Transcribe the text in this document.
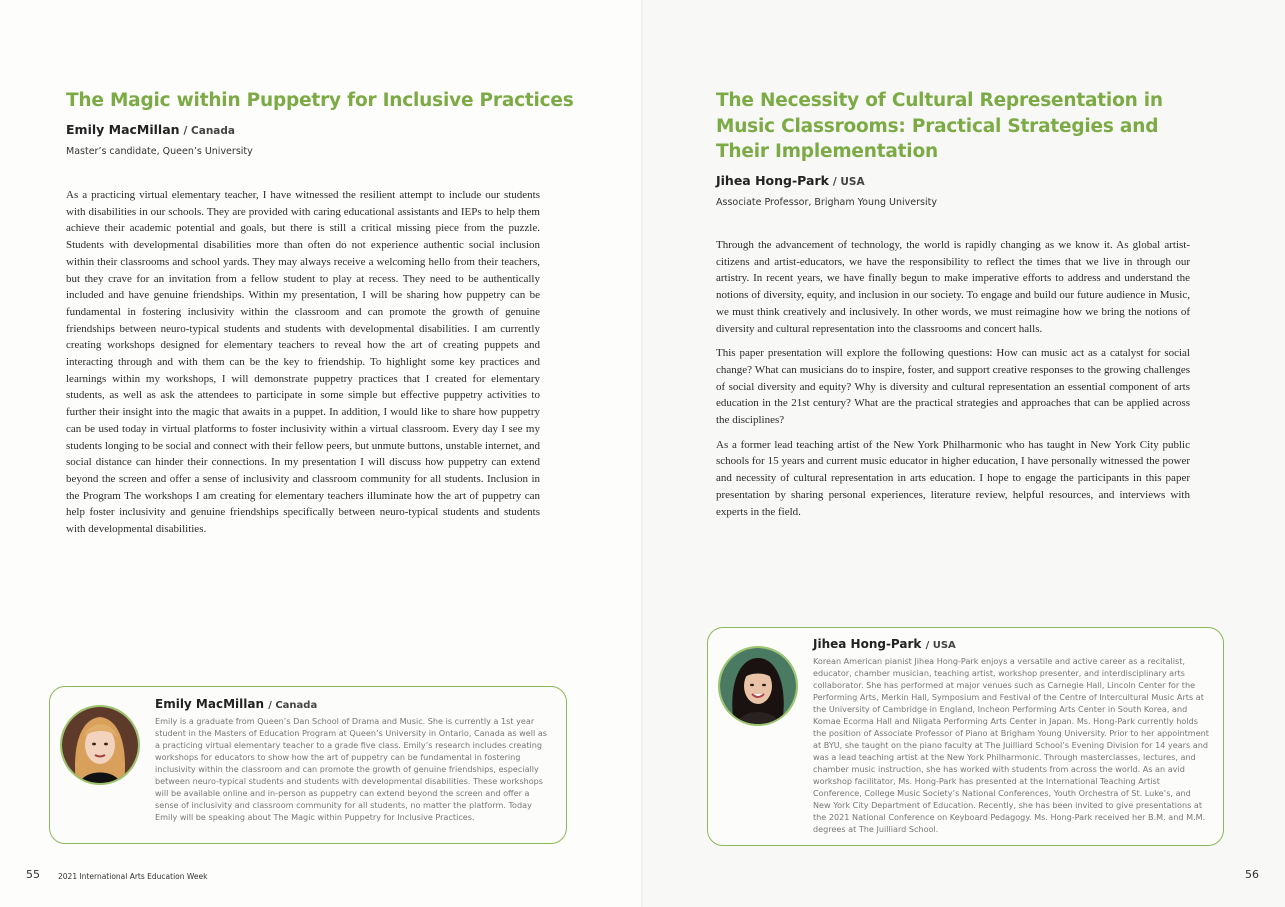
The Magic within Puppetry for Inclusive Practices
Emily MacMillan / Canada
Master’s candidate, Queen’s University

As a practicing virtual elementary teacher, I have witnessed the resilient attempt to include our students with disabilities in our schools. They are provided with caring educational assistants and IEPs to help them achieve their academic potential and goals, but there is still a critical missing piece from the puzzle. Students with developmental disabilities more than often do not experience authentic social inclusion within their classrooms and school yards. They may always receive a welcoming hello from their teachers, but they crave for an invitation from a fellow student to play at recess. They need to be authentically included and have genuine friendships. Within my presentation, I will be sharing how puppetry can be fundamental in fostering inclusivity within the classroom and can promote the growth of genuine friendships between neuro-typical students and students with developmental disabilities. I am currently creating workshops designed for elementary teachers to reveal how the art of creating puppets and interacting through and with them can be the key to friendship. To highlight some key practices and learnings within my workshops, I will demonstrate puppetry practices that I created for elementary students, as well as ask the attendees to participate in some simple but effective puppetry activities to further their insight into the magic that awaits in a puppet. In addition, I would like to share how puppetry can be used today in virtual platforms to foster inclusivity within a virtual classroom. Every day I see my students longing to be social and connect with their fellow peers, but unmute buttons, unstable internet, and social distance can hinder their connections. In my presentation I will discuss how puppetry can extend beyond the screen and offer a sense of inclusivity and classroom community for all students. Inclusion in the Program The workshops I am creating for elementary teachers illuminate how the art of puppetry can help foster inclusivity and genuine friendships specifically between neuro-typical students and students with developmental disabilities.

Emily MacMillan / Canada
Emily is a graduate from Queen’s Dan School of Drama and Music. She is currently a 1st year student in the Masters of Education Program at Queen’s University in Ontario, Canada as well as a practicing virtual elementary teacher to a grade five class. Emily’s research includes creating workshops for educators to show how the art of puppetry can be fundamental in fostering inclusivity within the classroom and can promote the growth of genuine friendships, especially between neuro-typical students and students with developmental disabilities. These workshops will be available online and in-person as puppetry can extend beyond the screen and offer a sense of inclusivity and classroom community for all students, no matter the platform. Today Emily will be speaking about The Magic within Puppetry for Inclusive Practices.
55 2021 International Arts Education Week
The Necessity of Cultural Representation in Music Classrooms: Practical Strategies and Their Implementation
Jihea Hong-Park / USA
Associate Professor, Brigham Young University

Through the advancement of technology, the world is rapidly changing as we know it. As global artist-citizens and artist-educators, we have the responsibility to reflect the times that we live in through our artistry. In recent years, we have finally begun to make imperative efforts to address and understand the notions of diversity, equity, and inclusion in our society. To engage and build our future audience in Music, we must think creatively and inclusively. In other words, we must reimagine how we bring the notions of diversity and cultural representation into the classrooms and concert halls.

This paper presentation will explore the following questions: How can music act as a catalyst for social change? What can musicians do to inspire, foster, and support creative responses to the growing challenges of social diversity and equity? Why is diversity and cultural representation an essential component of arts education in the 21st century? What are the practical strategies and approaches that can be applied across the disciplines?

As a former lead teaching artist of the New York Philharmonic who has taught in New York City public schools for 15 years and current music educator in higher education, I have personally witnessed the power and necessity of cultural representation in arts education. I hope to engage the participants in this paper presentation by sharing personal experiences, literature review, helpful resources, and interviews with experts in the field.

Jihea Hong-Park / USA
Korean American pianist Jihea Hong-Park enjoys a versatile and active career as a recitalist, educator, chamber musician, teaching artist, workshop presenter, and interdisciplinary arts collaborator. She has performed at major venues such as Carnegie Hall, Lincoln Center for the Performing Arts, Merkin Hall, Symposium and Festival of the Centre of Intercultural Music Arts at the University of Cambridge in England, Incheon Performing Arts Center in South Korea, and Komae Ecorma Hall and Niigata Performing Arts Center in Japan. Ms. Hong-Park currently holds the position of Associate Professor of Piano at Brigham Young University. Prior to her appointment at BYU, she taught on the piano faculty at The Juilliard School’s Evening Division for 14 years and was a lead teaching artist at the New York Philharmonic. Through masterclasses, lectures, and chamber music instruction, she has worked with students from across the world. As an avid workshop facilitator, Ms. Hong-Park has presented at the International Teaching Artist Conference, College Music Society’s National Conferences, Youth Orchestra of St. Luke’s, and New York City Department of Education. Recently, she has been invited to give presentations at the 2021 National Conference on Keyboard Pedagogy. Ms. Hong-Park received her B.M. and M.M. degrees at The Juilliard School.
56
